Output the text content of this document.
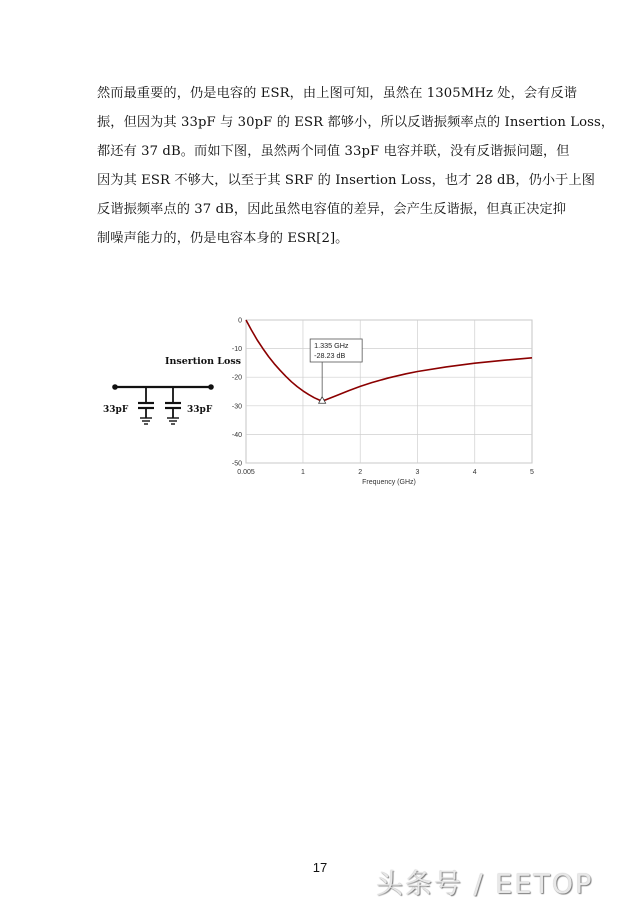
然而最重要的，仍是电容的 ESR，由上图可知，虽然在 1305MHz 处，会有反谐
振，但因为其 33pF 与 30pF 的 ESR 都够小，所以反谐振频率点的 Insertion Loss，
都还有 37 dB。而如下图，虽然两个同值 33pF 电容并联，没有反谐振问题，但
因为其 ESR 不够大，以至于其 SRF 的 Insertion Loss，也才 28 dB，仍小于上图
反谐振频率点的 37 dB，因此虽然电容值的差异，会产生反谐振，但真正决定抑
制噪声能力的，仍是电容本身的 ESR[2]。
Insertion Loss
33pF	33pF
0.005	1	2	3	4	5
0
-10
-20
-30
-40
-50
Frequency (GHz)
1.335 GHz
-28.23 dB
17
头条号 / EETOP
